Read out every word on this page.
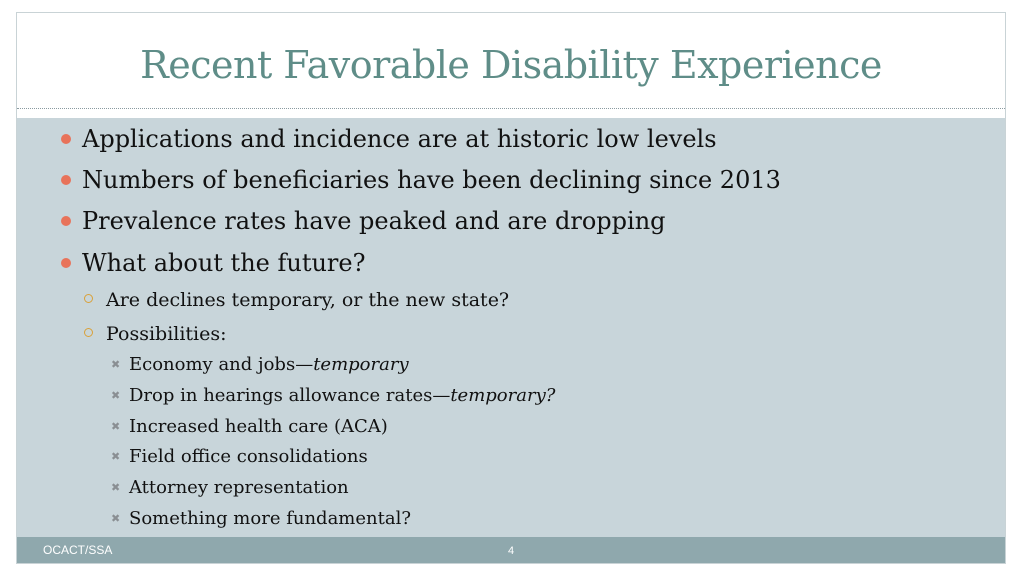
Recent Favorable Disability Experience
Applications and incidence are at historic low levels
Numbers of beneficiaries have been declining since 2013
Prevalence rates have peaked and are dropping
What about the future?
Are declines temporary, or the new state?
Possibilities:
✖ Economy and jobs—temporary
✖ Drop in hearings allowance rates—temporary?
✖ Increased health care (ACA)
✖ Field office consolidations
✖ Attorney representation
✖ Something more fundamental?
OCACT/SSA	4
